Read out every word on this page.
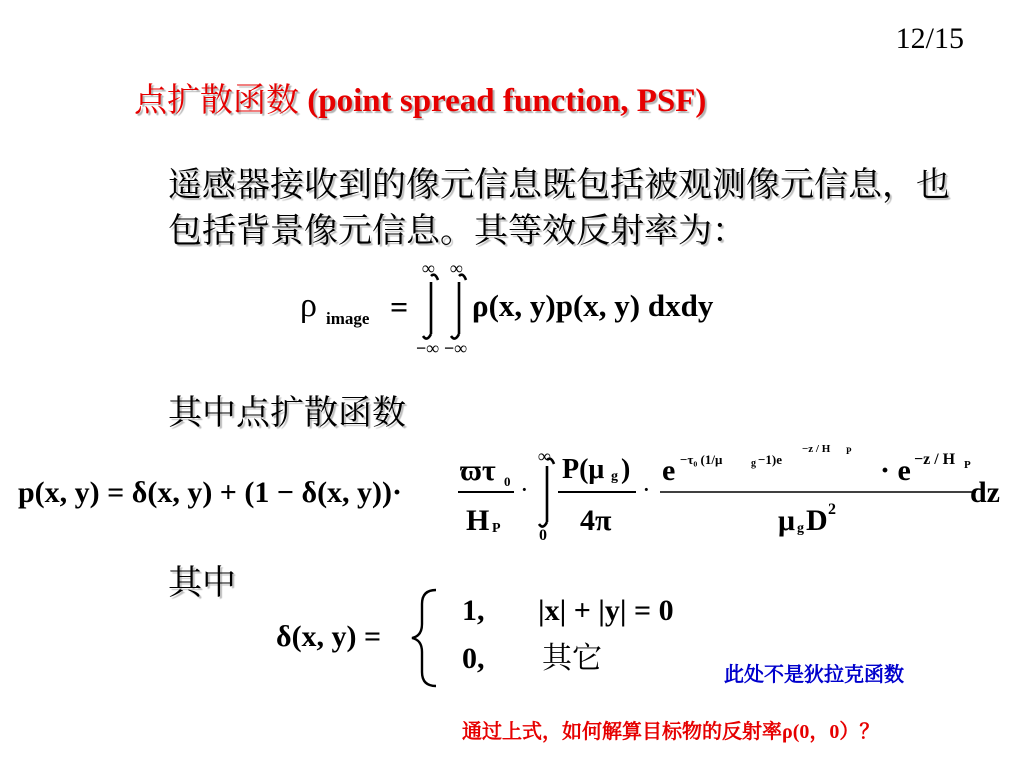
12/15
点扩散函数 (point spread function, PSF)
遥感器接收到的像元信息既包括被观测像元信息，也包括背景像元信息。其等效反射率为：
ρ image =
∞ ∞
−∞ −∞
ρ(x, y)p(x, y) dxdy
其中点扩散函数
p(x, y) = δ(x, y) + (1 − δ(x, y))·
ϖτ 0
H P
·
∞
0
P(μ g )
4π
·
e −τ₀ (1/μ	g −1)e
−z / H P
· e −z / H P
μ g D 2
dz
其中
δ(x, y) =
1, |x| + |y| = 0
0, 其它	此处不是狄拉克函数
通过上式，如何解算目标物的反射率ρ(0，0）？
